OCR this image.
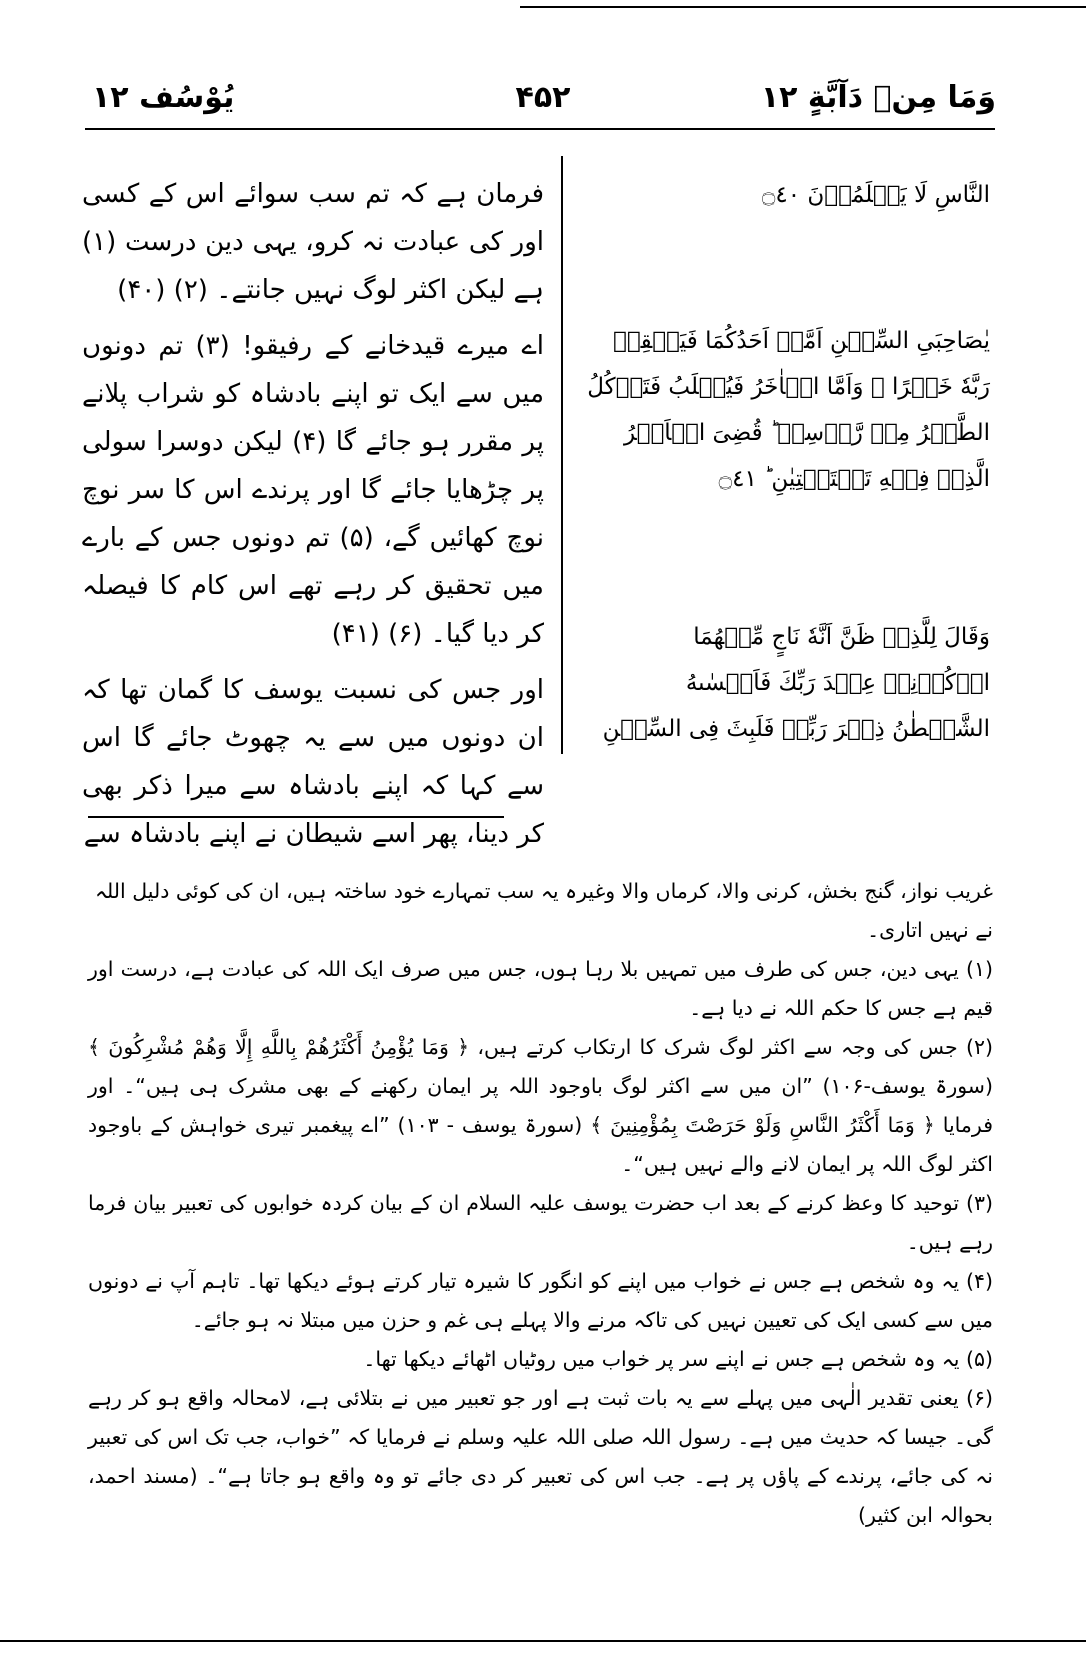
وَمَا مِنۡ دَآبَّةٍ ١٢
۴۵۲
یُوْسُف ۱۲
النَّاسِ لَا يَعۡلَمُوۡنَ ۝٤٠
يٰصَاحِبَىِ السِّجۡنِ اَمَّاۤ اَحَدُكُمَا فَيَسۡقِىۡ رَبَّهٗ خَمۡرًا‌ ۚ وَاَمَّا الۡاٰخَرُ فَيُصۡلَبُ فَتَاۡكُلُ الطَّيۡرُ مِنۡ رَّاۡسِهٖ‌ ؕ قُضِىَ الۡاَمۡرُ الَّذِىۡ فِيۡهِ تَسۡتَفۡتِيٰنِ ؕ‏ ۝٤١
وَقَالَ لِلَّذِىۡ ظَنَّ اَنَّهٗ نَاجٍ مِّنۡهُمَا اذۡكُرۡنِىۡ عِنۡدَ رَبِّكَ فَاَنۡسٰٮهُ الشَّيۡطٰنُ ذِكۡرَ رَبِّهٖ فَلَبِثَ فِى السِّجۡنِ

فرمان ہے کہ تم سب سوائے اس کے کسی اور کی عبادت نہ کرو، یہی دین درست (۱) ہے لیکن اکثر لوگ نہیں جانتے۔ (۲) (۴۰)

اے میرے قیدخانے کے رفیقو! (۳) تم دونوں میں سے ایک تو اپنے بادشاہ کو شراب پلانے پر مقرر ہو جائے گا (۴) لیکن دوسرا سولی پر چڑھایا جائے گا اور پرندے اس کا سر نوچ نوچ کھائیں گے، (۵) تم دونوں جس کے بارے میں تحقیق کر رہے تھے اس کام کا فیصلہ کر دیا گیا۔ (۶) (۴۱)

اور جس کی نسبت یوسف کا گمان تھا کہ ان دونوں میں سے یہ چھوٹ جائے گا اس سے کہا کہ اپنے بادشاہ سے میرا ذکر بھی کر دینا، پھر اسے شیطان نے اپنے بادشاہ سے

غریب نواز، گنج بخش، کرنی والا، کرماں والا وغیرہ یہ سب تمہارے خود ساختہ ہیں، ان کی کوئی دلیل اللہ نے نہیں اتاری۔

(۱) یہی دین، جس کی طرف میں تمہیں بلا رہا ہوں، جس میں صرف ایک اللہ کی عبادت ہے، درست اور قیم ہے جس کا حکم اللہ نے دیا ہے۔

(۲) جس کی وجہ سے اکثر لوگ شرک کا ارتکاب کرتے ہیں، ﴿ وَمَا يُؤْمِنُ أَكْثَرُهُمْ بِاللَّهِ إِلَّا وَهُمْ مُشْرِكُونَ ﴾ (سورۃ یوسف-۱۰۶) ”ان میں سے اکثر لوگ باوجود اللہ پر ایمان رکھنے کے بھی مشرک ہی ہیں“۔ اور فرمایا ﴿ وَمَا أَكْثَرُ النَّاسِ وَلَوْ حَرَصْتَ بِمُؤْمِنِينَ ﴾ (سورۃ یوسف - ۱۰۳) ”اے پیغمبر تیری خواہش کے باوجود اکثر لوگ اللہ پر ایمان لانے والے نہیں ہیں“۔

(۳) توحید کا وعظ کرنے کے بعد اب حضرت یوسف علیہ السلام ان کے بیان کردہ خوابوں کی تعبیر بیان فرما رہے ہیں۔

(۴) یہ وہ شخص ہے جس نے خواب میں اپنے کو انگور کا شیرہ تیار کرتے ہوئے دیکھا تھا۔ تاہم آپ نے دونوں میں سے کسی ایک کی تعیین نہیں کی تاکہ مرنے والا پہلے ہی غم و حزن میں مبتلا نہ ہو جائے۔

(۵) یہ وہ شخص ہے جس نے اپنے سر پر خواب میں روٹیاں اٹھائے دیکھا تھا۔

(۶) یعنی تقدیر الٰہی میں پہلے سے یہ بات ثبت ہے اور جو تعبیر میں نے بتلائی ہے، لامحالہ واقع ہو کر رہے گی۔ جیسا کہ حدیث میں ہے۔ رسول اللہ صلی اللہ علیہ وسلم نے فرمایا کہ ”خواب، جب تک اس کی تعبیر نہ کی جائے، پرندے کے پاؤں پر ہے۔ جب اس کی تعبیر کر دی جائے تو وہ واقع ہو جاتا ہے“۔ (مسند احمد، بحوالہ ابن کثیر)
